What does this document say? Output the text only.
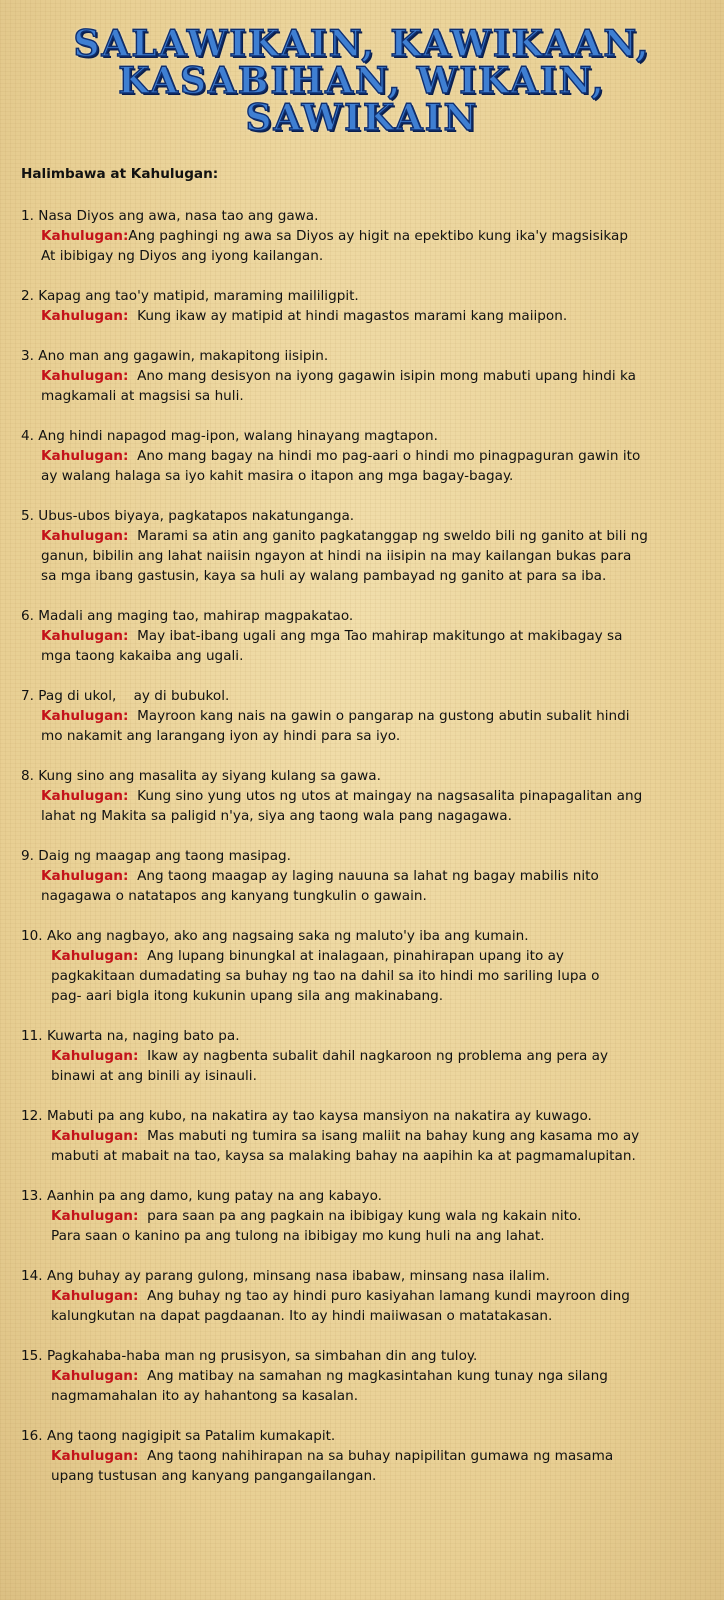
SALAWIKAIN, KAWIKAAN,
KASABIHAN, WIKAIN,
SAWIKAIN
Halimbawa at Kahulugan:
1. Nasa Diyos ang awa, nasa tao ang gawa.
Kahulugan:Ang paghingi ng awa sa Diyos ay higit na epektibo kung ika'y magsisikap
At ibibigay ng Diyos ang iyong kailangan.
2. Kapag ang tao'y matipid, maraming maililigpit.
Kahulugan: Kung ikaw ay matipid at hindi magastos marami kang maiipon.
3. Ano man ang gagawin, makapitong iisipin.
Kahulugan: Ano mang desisyon na iyong gagawin isipin mong mabuti upang hindi ka
magkamali at magsisi sa huli.
4. Ang hindi napagod mag-ipon, walang hinayang magtapon.
Kahulugan: Ano mang bagay na hindi mo pag-aari o hindi mo pinagpaguran gawin ito
ay walang halaga sa iyo kahit masira o itapon ang mga bagay-bagay.
5. Ubus-ubos biyaya, pagkatapos nakatunganga.
Kahulugan: Marami sa atin ang ganito pagkatanggap ng sweldo bili ng ganito at bili ng
ganun, bibilin ang lahat naiisin ngayon at hindi na iisipin na may kailangan bukas para
sa mga ibang gastusin, kaya sa huli ay walang pambayad ng ganito at para sa iba.
6. Madali ang maging tao, mahirap magpakatao.
Kahulugan: May ibat-ibang ugali ang mga Tao mahirap makitungo at makibagay sa
mga taong kakaiba ang ugali.
7. Pag di ukol,    ay di bubukol.
Kahulugan: Mayroon kang nais na gawin o pangarap na gustong abutin subalit hindi
mo nakamit ang larangang iyon ay hindi para sa iyo.
8. Kung sino ang masalita ay siyang kulang sa gawa.
Kahulugan: Kung sino yung utos ng utos at maingay na nagsasalita pinapagalitan ang
lahat ng Makita sa paligid n'ya, siya ang taong wala pang nagagawa.
9. Daig ng maagap ang taong masipag.
Kahulugan: Ang taong maagap ay laging nauuna sa lahat ng bagay mabilis nito
nagagawa o natatapos ang kanyang tungkulin o gawain.
10. Ako ang nagbayo, ako ang nagsaing saka ng maluto'y iba ang kumain.
Kahulugan: Ang lupang binungkal at inalagaan, pinahirapan upang ito ay
pagkakitaan dumadating sa buhay ng tao na dahil sa ito hindi mo sariling lupa o
pag- aari bigla itong kukunin upang sila ang makinabang.
11. Kuwarta na, naging bato pa.
Kahulugan: Ikaw ay nagbenta subalit dahil nagkaroon ng problema ang pera ay
binawi at ang binili ay isinauli.
12. Mabuti pa ang kubo, na nakatira ay tao kaysa mansiyon na nakatira ay kuwago.
Kahulugan: Mas mabuti ng tumira sa isang maliit na bahay kung ang kasama mo ay
mabuti at mabait na tao, kaysa sa malaking bahay na aapihin ka at pagmamalupitan.
13. Aanhin pa ang damo, kung patay na ang kabayo.
Kahulugan: para saan pa ang pagkain na ibibigay kung wala ng kakain nito.
Para saan o kanino pa ang tulong na ibibigay mo kung huli na ang lahat.
14. Ang buhay ay parang gulong, minsang nasa ibabaw, minsang nasa ilalim.
Kahulugan: Ang buhay ng tao ay hindi puro kasiyahan lamang kundi mayroon ding
kalungkutan na dapat pagdaanan. Ito ay hindi maiiwasan o matatakasan.
15. Pagkahaba-haba man ng prusisyon, sa simbahan din ang tuloy.
Kahulugan: Ang matibay na samahan ng magkasintahan kung tunay nga silang
nagmamahalan ito ay hahantong sa kasalan.
16. Ang taong nagigipit sa Patalim kumakapit.
Kahulugan: Ang taong nahihirapan na sa buhay napipilitan gumawa ng masama
upang tustusan ang kanyang pangangailangan.
